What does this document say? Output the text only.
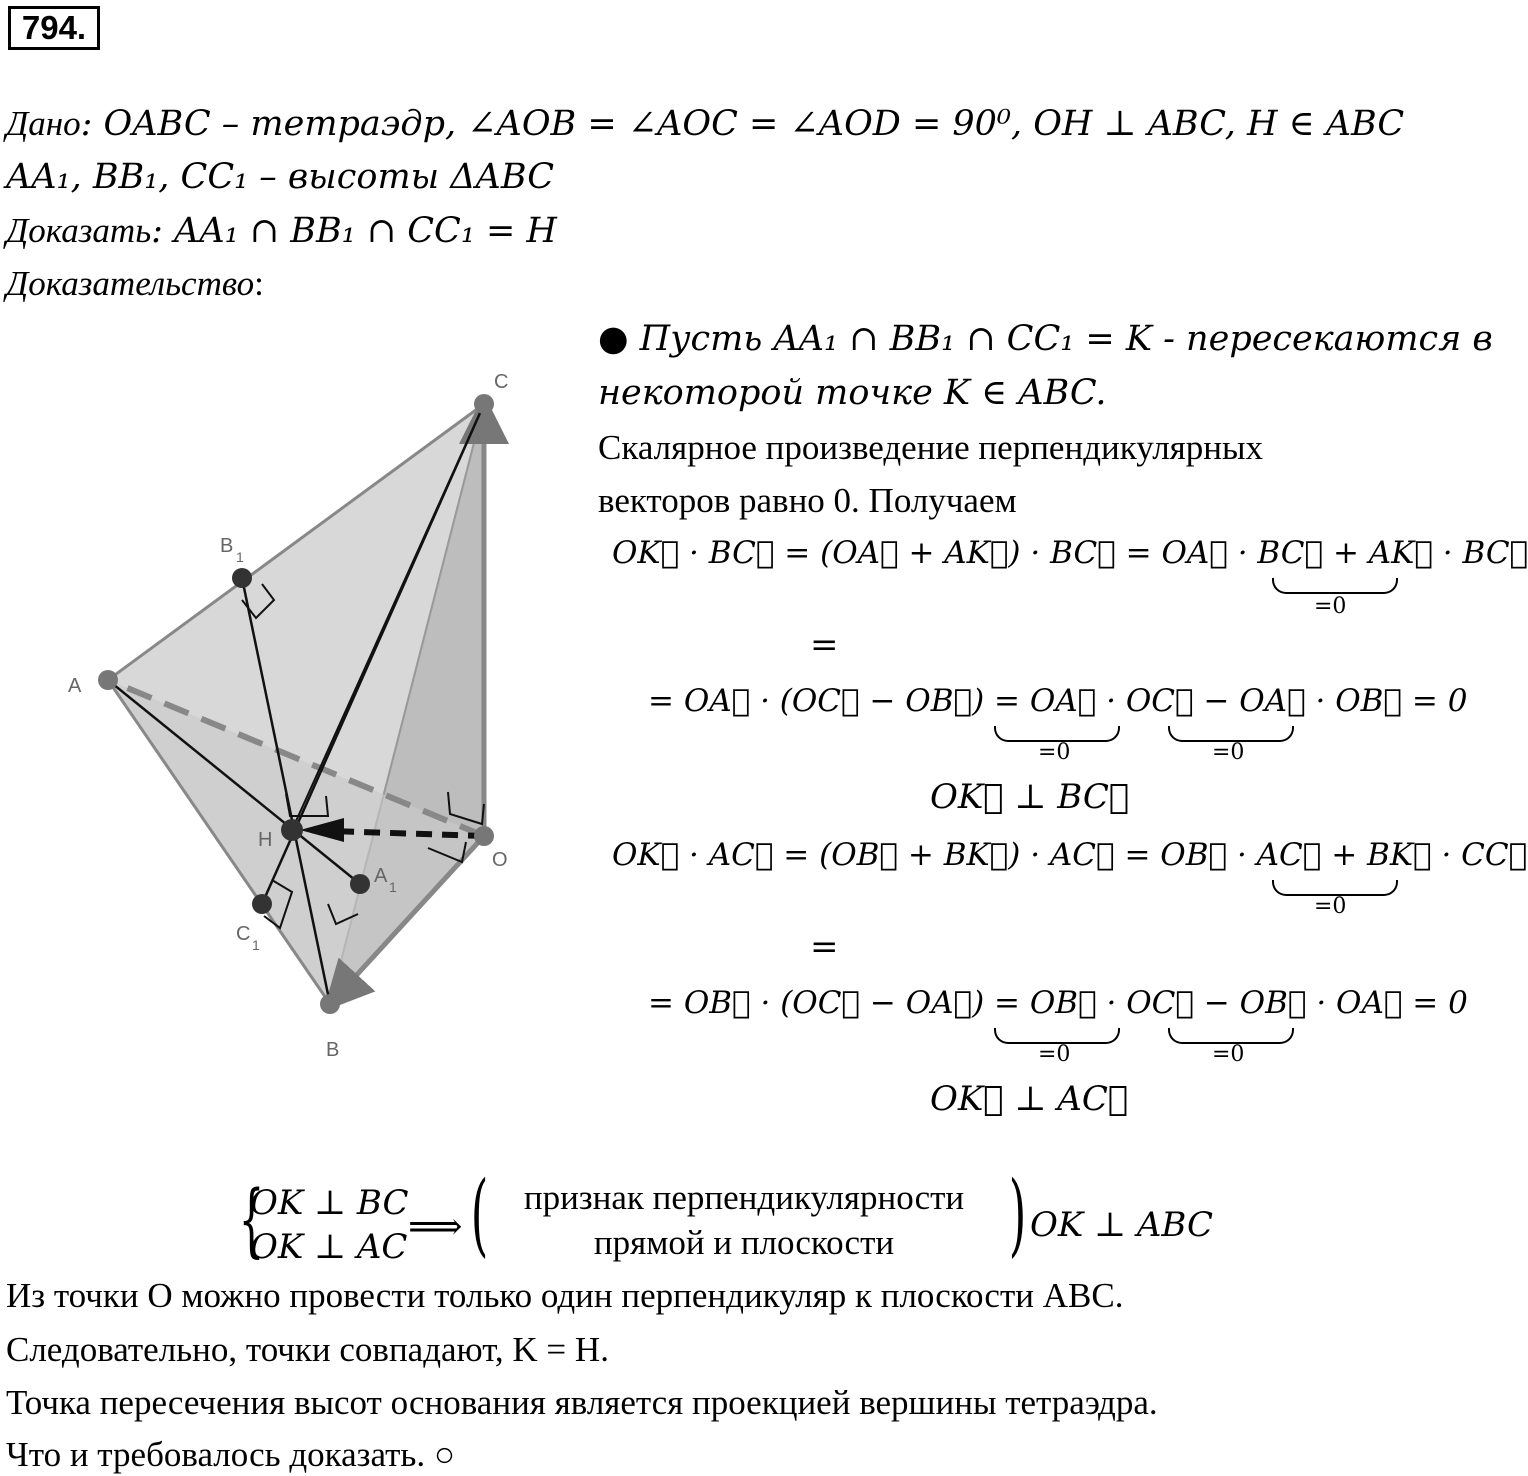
794.
Дано: OABC – тетраэдр, ∠AOB = ∠AOC = ∠AOD = 90⁰, OH ⊥ ABC, H ∈ ABC
AA₁, BB₁, CC₁ – высоты ΔABC
Доказать: AA₁ ∩ BB₁ ∩ CC₁ = H
Доказательство:
C
A
O
B
H
B 1
A 1
C 1
● Пусть AA₁ ∩ BB₁ ∩ CC₁ = K - пересекаются в
некоторой точке K ∈ ABC.
Скалярное произведение перпендикулярных
векторов равно 0. Получаем
OK⃗ · BC⃗ = (OA⃗ + AK⃗) · BC⃗ = OA⃗ · BC⃗ + AK⃗ · BC⃗
=0
=
= OA⃗ · (OC⃗ − OB⃗) = OA⃗ · OC⃗ − OA⃗ · OB⃗ = 0
=0	=0
OK⃗ ⊥ BC⃗
OK⃗ · AC⃗ = (OB⃗ + BK⃗) · AC⃗ = OB⃗ · AC⃗ + BK⃗ · CC⃗
=0
=
= OB⃗ · (OC⃗ − OA⃗) = OB⃗ · OC⃗ − OB⃗ · OA⃗ = 0
=0	=0
OK⃗ ⊥ AC⃗
{
OK ⊥ BC
OK ⊥ AC ⟹ (	признак перпендикулярности
прямой и плоскости	) OK ⊥ ABC
Из точки O можно провести только один перпендикуляр к плоскости ABC.
Следовательно, точки совпадают, K = H.
Точка пересечения высот основания является проекцией вершины тетраэдра.
Что и требовалось доказать. ○
